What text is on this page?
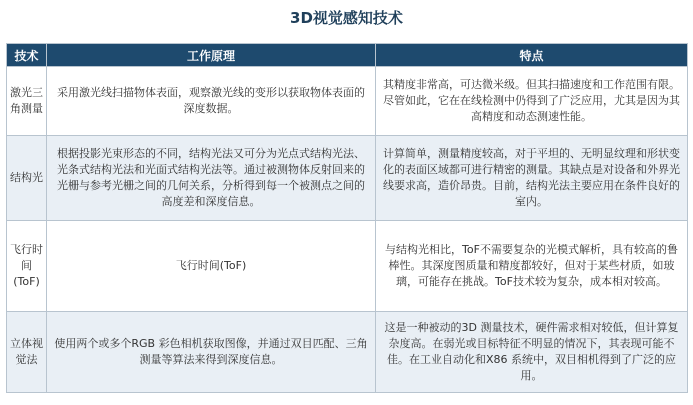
3D视觉感知技术
技术	工作原理	特点
激光三角测量	采用激光线扫描物体表面，观察激光线的变形以获取物体表面的深度数据。	其精度非常高，可达微米级。但其扫描速度和工作范围有限。尽管如此，它在在线检测中仍得到了广泛应用，尤其是因为其高精度和动态测速性能。
结构光	根据投影光束形态的不同，结构光法又可分为光点式结构光法、光条式结构光法和光面式结构光法等。通过被测物体反射回来的光栅与参考光栅之间的几何关系，分析得到每一个被测点之间的高度差和深度信息。	计算简单，测量精度较高，对于平坦的、无明显纹理和形状变化的表面区域都可进行精密的测量。其缺点是对设备和外界光线要求高，造价昂贵。目前，结构光法主要应用在条件良好的室内。
飞行时间(ToF)	飞行时间(ToF)	与结构光相比，ToF不需要复杂的光模式解析，具有较高的鲁棒性。其深度图质量和精度都较好，但对于某些材质，如玻璃，可能存在挑战。ToF技术较为复杂，成本相对较高。
立体视觉法	使用两个或多个RGB 彩色相机获取图像，并通过双目匹配、三角测量等算法来得到深度信息。	这是一种被动的3D 测量技术，硬件需求相对较低，但计算复杂度高。在弱光或目标特征不明显的情况下，其表现可能不佳。在工业自动化和X86 系统中，双目相机得到了广泛的应用。
